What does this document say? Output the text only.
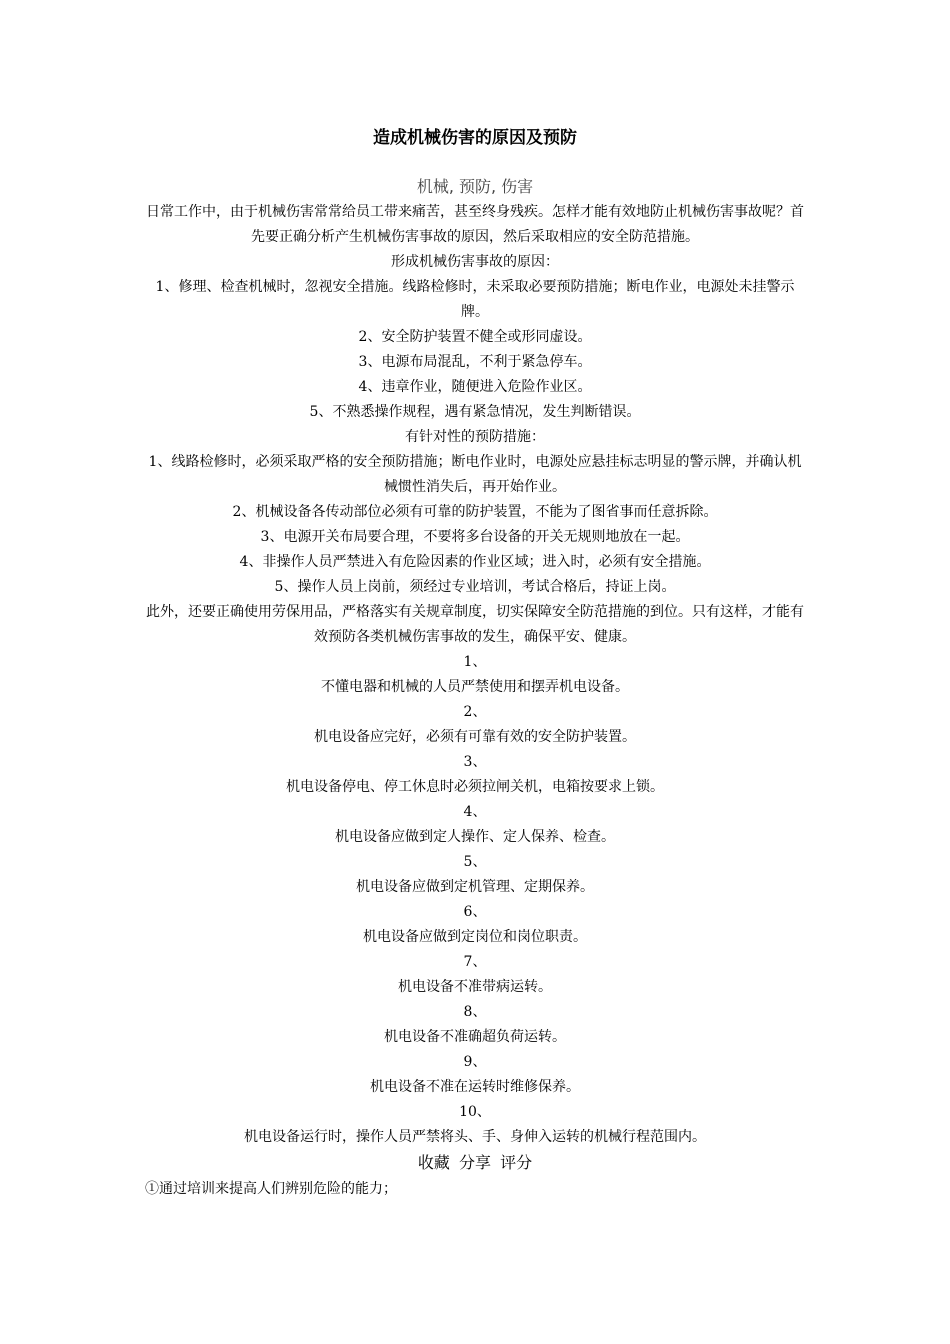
造成机械伤害的原因及预防
机械, 预防, 伤害

日常工作中，由于机械伤害常常给员工带来痛苦，甚至终身残疾。怎样才能有效地防止机械伤害事故呢？首先要正确分析产生机械伤害事故的原因，然后采取相应的安全防范措施。

形成机械伤害事故的原因：

1、修理、检查机械时，忽视安全措施。线路检修时，未采取必要预防措施；断电作业，电源处未挂警示牌。

2、安全防护装置不健全或形同虚设。

3、电源布局混乱，不利于紧急停车。

4、违章作业，随便进入危险作业区。

5、不熟悉操作规程，遇有紧急情况，发生判断错误。

有针对性的预防措施：

1、线路检修时，必须采取严格的安全预防措施；断电作业时，电源处应悬挂标志明显的警示牌，并确认机械惯性消失后，再开始作业。

2、机械设备各传动部位必须有可靠的防护装置，不能为了图省事而任意拆除。

3、电源开关布局要合理，不要将多台设备的开关无规则地放在一起。

4、非操作人员严禁进入有危险因素的作业区域；进入时，必须有安全措施。

5、操作人员上岗前，须经过专业培训，考试合格后，持证上岗。

此外，还要正确使用劳保用品，严格落实有关规章制度，切实保障安全防范措施的到位。只有这样，才能有效预防各类机械伤害事故的发生，确保平安、健康。

1、
不懂电器和机械的人员严禁使用和摆弄机电设备。
2、
机电设备应完好，必须有可靠有效的安全防护装置。
3、
机电设备停电、停工休息时必须拉闸关机，电箱按要求上锁。
4、
机电设备应做到定人操作、定人保养、检查。
5、
机电设备应做到定机管理、定期保养。
6、
机电设备应做到定岗位和岗位职责。
7、
机电设备不准带病运转。
8、
机电设备不准确超负荷运转。
9、
机电设备不准在运转时维修保养。
10、
机电设备运行时，操作人员严禁将头、手、身伸入运转的机械行程范围内。
收藏 分享 评分
①通过培训来提高人们辨别危险的能力；
